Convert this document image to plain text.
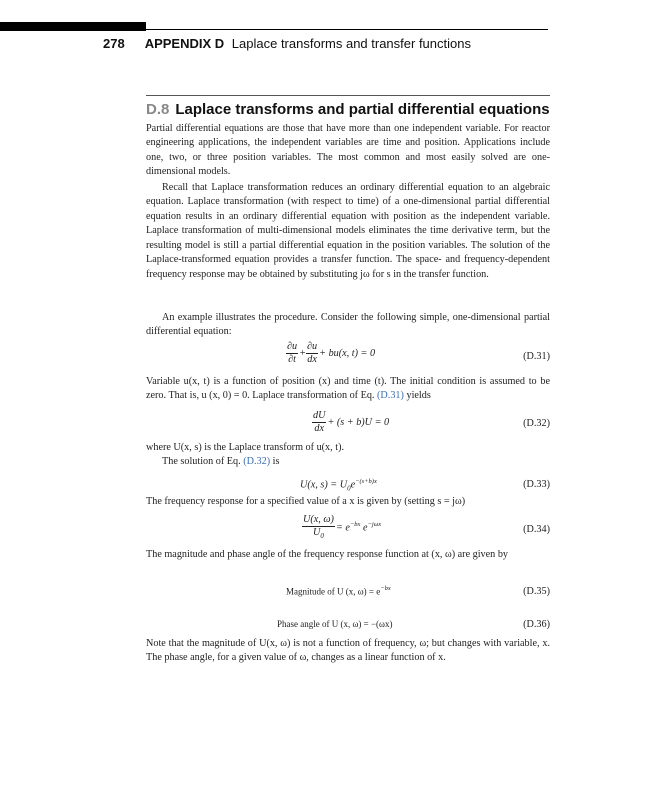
278 APPENDIX D Laplace transforms and transfer functions
D.8 Laplace transforms and partial differential equations

Partial differential equations are those that have more than one independent variable. For reactor engineering applications, the independent variables are time and position. Applications include one, two, or three position variables. The most common and most easily solved are one-dimensional models.

Recall that Laplace transformation reduces an ordinary differential equation to an algebraic equation. Laplace transformation (with respect to time) of a one-dimensional partial differential equation results in an ordinary differential equation with position as the independent variable. Laplace transformation of multi-dimensional models eliminates the time derivative term, but the resulting model is still a partial differential equation in the position variables. The solution of the Laplace-transformed equation provides a transfer function. The space- and frequency-dependent frequency response may be obtained by substituting jω for s in the transfer function.

An example illustrates the procedure. Consider the following simple, one-dimensional partial differential equation:

$\frac{\partial u}{\partial t} + \frac{\partial u}{dx} + bu(x$, t) = 0	(D.31)

Variable u(x, t) is a function of position (x) and time (t). The initial condition is assumed to be zero. That is, u (x, 0) = 0. Laplace transformation of Eq. (D.31) yields

$\frac{dU}{dx} + (s + b)U = 0$	(D.32)

where U(x, s) is the Laplace transform of u(x, t).

The solution of Eq. (D.32) is

U(x, $s) = U_0e^{-(s+b)x}$	(D.33)

The frequency response for a specified value of a x is given by (setting s = jω)

$\frac{U(x, \omega)}{U_0} = e^{-bx}$ $e^{-j\omega x}$	(D.34)

The magnitude and phase angle of the frequency response function at (x, ω) are given by

Magnitude of U (x, $\omega) = e^{-bx}$	(D.35)
Phase angle of U (x, ω) = −(ωx)	(D.36)

Note that the magnitude of U(x, ω) is not a function of frequency, ω; but changes with variable, x. The phase angle, for a given value of ω, changes as a linear function of x.
